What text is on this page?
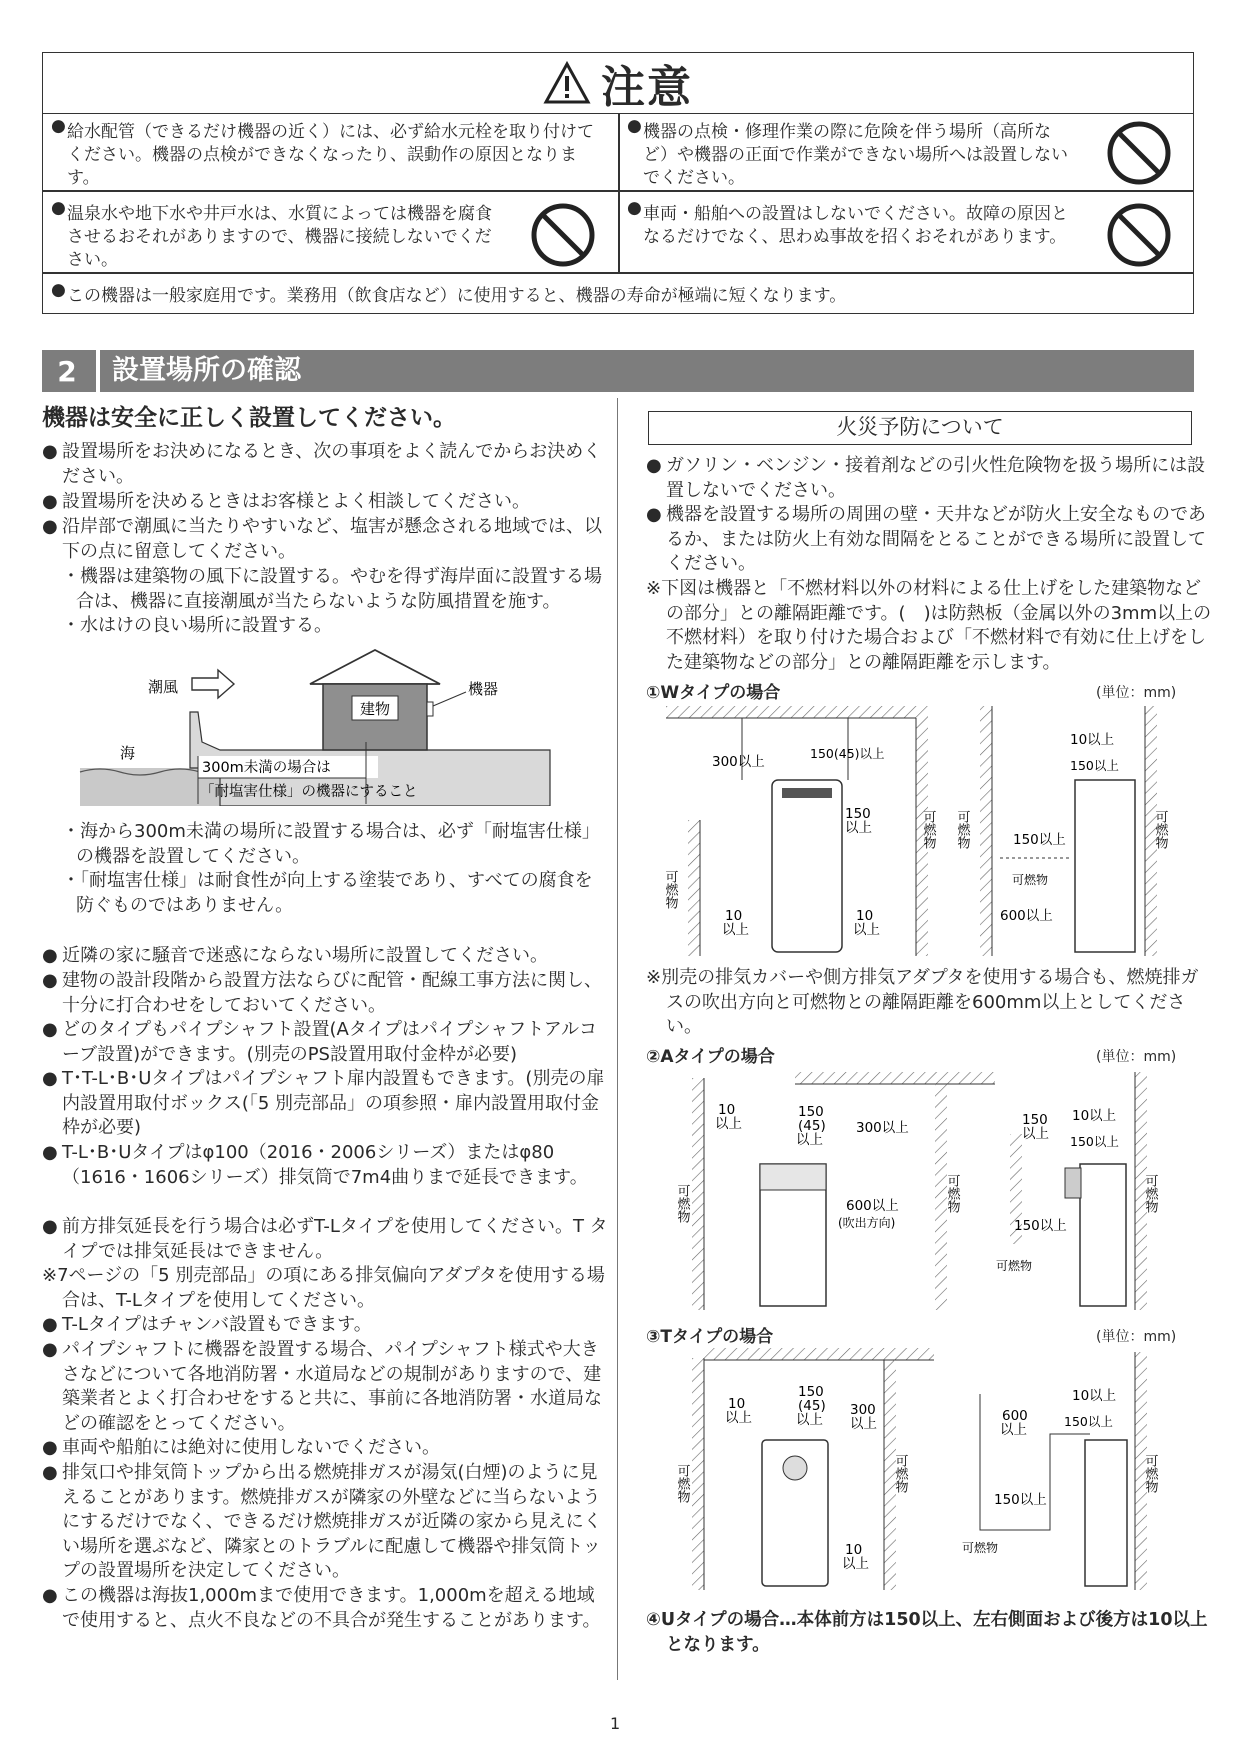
注意
● 給水配管（できるだけ機器の近く）には、必ず給水元栓を取り付けてください。機器の点検ができなくなったり、誤動作の原因となります。
● 機器の点検・修理作業の際に危険を伴う場所（高所など）や機器の正面で作業ができない場所へは設置しないでください。
● 温泉水や地下水や井戸水は、水質によっては機器を腐食させるおそれがありますので、機器に接続しないでください。
● 車両・船舶への設置はしないでください。故障の原因となるだけでなく、思わぬ事故を招くおそれがあります。
● この機器は一般家庭用です。業務用（飲食店など）に使用すると、機器の寿命が極端に短くなります。
2	設置場所の確認
機器は安全に正しく設置してください。
● 設置場所をお決めになるとき、次の事項をよく読んでからお決めください。
● 設置場所を決めるときはお客様とよく相談してください。
● 沿岸部で潮風に当たりやすいなど、塩害が懸念される地域では、以下の点に留意してください。
・機器は建築物の風下に設置する。やむを得ず海岸面に設置する場合は、機器に直接潮風が当たらないような防風措置を施す。
・水はけの良い場所に設置する。
建物
機器
潮風
海
300m未満の場合は
「耐塩害仕様」の機器にすること
・海から300m未満の場所に設置する場合は、必ず「耐塩害仕様」の機器を設置してください。
・「耐塩害仕様」は耐食性が向上する塗装であり、すべての腐食を防ぐものではありません。
● 近隣の家に騒音で迷惑にならない場所に設置してください。
● 建物の設計段階から設置方法ならびに配管・配線工事方法に関し、十分に打合わせをしておいてください。
● どのタイプもパイプシャフト設置(Aタイプはパイプシャフトアルコーブ設置)ができます。(別売のPS設置用取付金枠が必要)
● T･T-L･B･Uタイプはパイプシャフト扉内設置もできます。(別売の扉内設置用取付ボックス(「5 別売部品」の項参照・扉内設置用取付金枠が必要)
● T-L･B･Uタイプはφ100（2016・2006シリーズ）またはφ80（1616・1606シリーズ）排気筒で7m4曲りまで延長できます。
● 前方排気延長を行う場合は必ずT-Lタイプを使用してください。T タイプでは排気延長はできません。
※7ページの「5 別売部品」の項にある排気偏向アダプタを使用する場合は、T-Lタイプを使用してください。
● T-Lタイプはチャンバ設置もできます。
● パイプシャフトに機器を設置する場合、パイプシャフト様式や大きさなどについて各地消防署・水道局などの規制がありますので、建築業者とよく打合わせをすると共に、事前に各地消防署・水道局などの確認をとってください。
● 車両や船舶には絶対に使用しないでください。
● 排気口や排気筒トップから出る燃焼排ガスが湯気(白煙)のように見えることがあります。燃焼排ガスが隣家の外壁などに当らないようにするだけでなく、できるだけ燃焼排ガスが近隣の家から見えにくい場所を選ぶなど、隣家とのトラブルに配慮して機器や排気筒トップの設置場所を決定してください。
● この機器は海抜1,000mまで使用できます。1,000mを超える地域で使用すると、点火不良などの不具合が発生することがあります。
火災予防について
● ガソリン・ベンジン・接着剤などの引火性危険物を扱う場所には設置しないでください。
● 機器を設置する場所の周囲の壁・天井などが防火上安全なものであるか、または防火上有効な間隔をとることができる場所に設置してください。
※下図は機器と「不燃材料以外の材料による仕上げをした建築物などの部分」との離隔距離です。(　)は防熱板（金属以外の3mm以上の不燃材料）を取り付けた場合および「不燃材料で有効に仕上げをした建築物などの部分」との離隔距離を示します。
①Wタイプの場合	(単位：mm)
300以上
150(45)以上
150
以上
10
以上
10
以上
可燃物
可燃物
10以上
150以上
150以上
可燃物
600以上
可燃物	可燃物
※別売の排気カバーや側方排気アダプタを使用する場合も、燃焼排ガスの吹出方向と可燃物との離隔距離を600mm以上としてください。
②Aタイプの場合	(単位：mm)
10
以上
150
(45)
以上
300以上
600以上
(吹出方向)
可燃物	可燃物
150
以上
10以上
150以上
150以上
可燃物
可燃物
③Tタイプの場合	(単位：mm)
10
以上
150
(45)
以上
300
以上
10
以上
可燃物	可燃物
600
以上
10以上
150以上
150以上
可燃物
可燃物
④Uタイプの場合…本体前方は150以上、左右側面および後方は10以上となります。
1
